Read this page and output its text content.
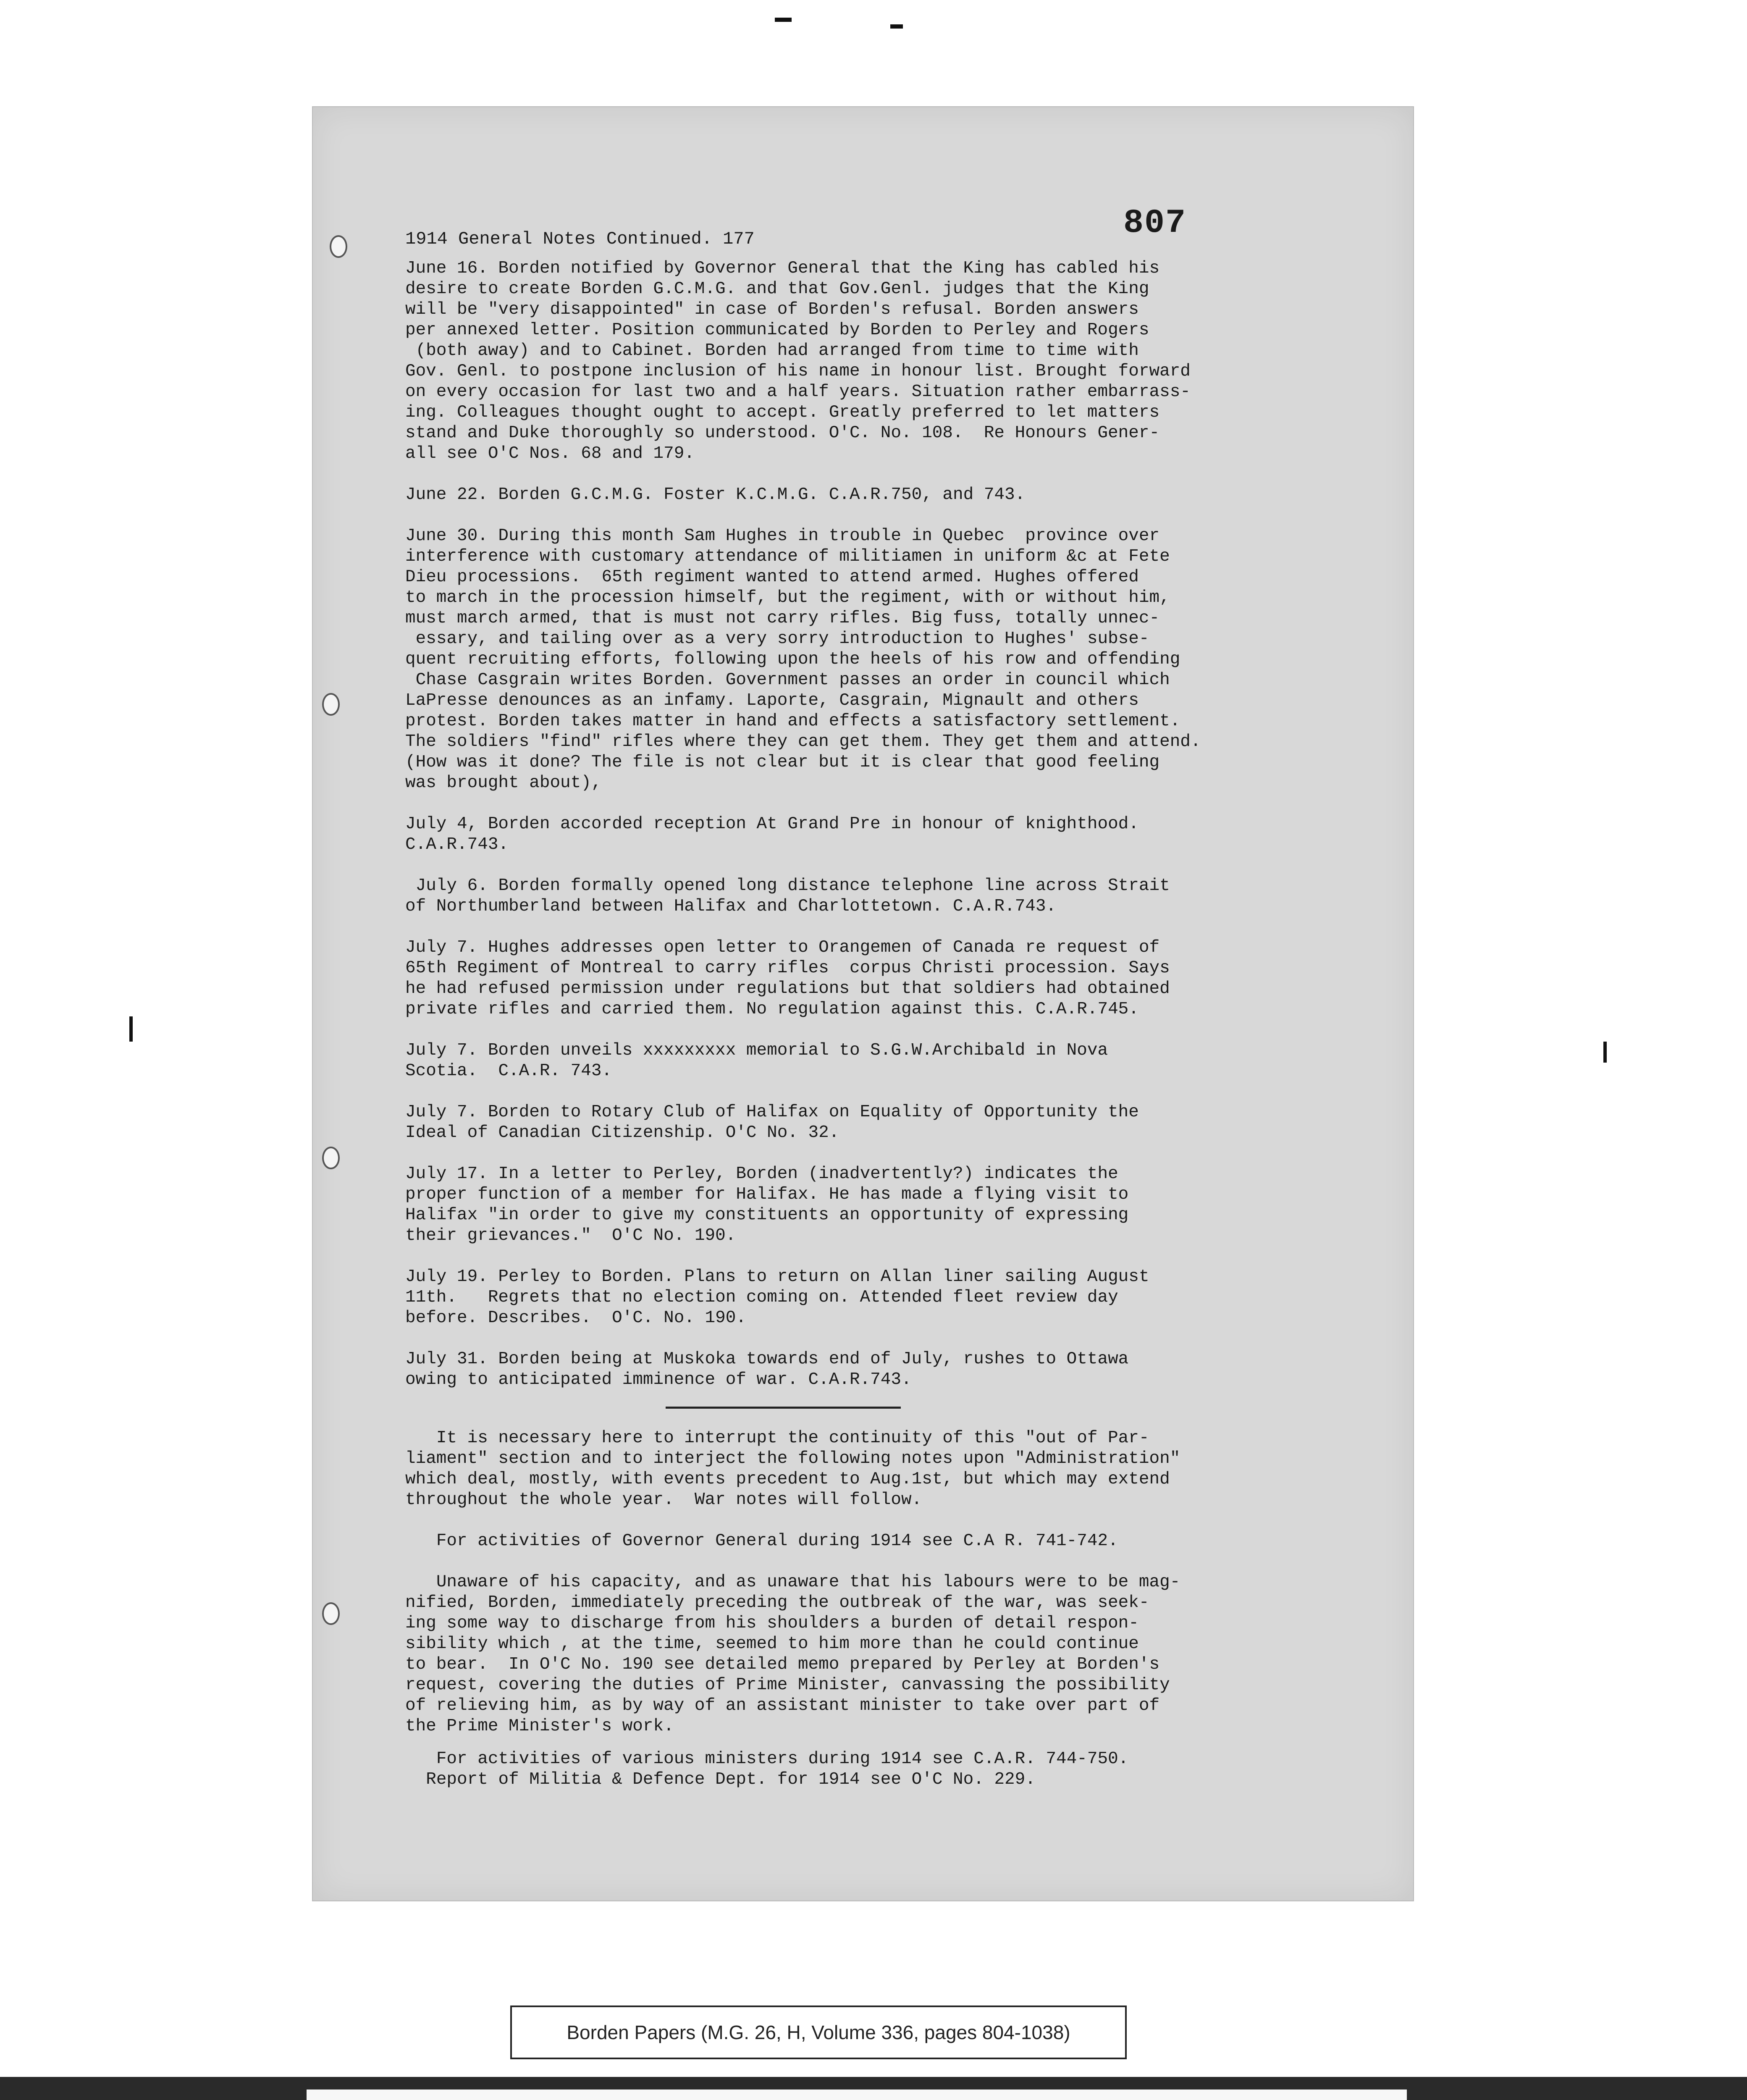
1914 General Notes Continued. 177	807
June 16. Borden notified by Governor General that the King has cabled his
desire to create Borden G.C.M.G. and that Gov.Genl. judges that the King
will be "very disappointed" in case of Borden's refusal. Borden answers
per annexed letter. Position communicated by Borden to Perley and Rogers
(both away) and to Cabinet. Borden had arranged from time to time with
Gov. Genl. to postpone inclusion of his name in honour list. Brought forward
on every occasion for last two and a half years. Situation rather embarrass-
ing. Colleagues thought ought to accept. Greatly preferred to let matters
stand and Duke thoroughly so understood. O'C. No. 108.  Re Honours Gener-
all see O'C Nos. 68 and 179.
June 22. Borden G.C.M.G. Foster K.C.M.G. C.A.R.750, and 743.
June 30. During this month Sam Hughes in trouble in Quebec  province over
interference with customary attendance of militiamen in uniform &c at Fete
Dieu processions.  65th regiment wanted to attend armed. Hughes offered
to march in the procession himself, but the regiment, with or without him,
must march armed, that is must not carry rifles. Big fuss, totally unnec-
essary, and tailing over as a very sorry introduction to Hughes' subse-
quent recruiting efforts, following upon the heels of his row and offending
Chase Casgrain writes Borden. Government passes an order in council which
LaPresse denounces as an infamy. Laporte, Casgrain, Mignault and others
protest. Borden takes matter in hand and effects a satisfactory settlement.
The soldiers "find" rifles where they can get them. They get them and attend.
(How was it done? The file is not clear but it is clear that good feeling
was brought about),
July 4, Borden accorded reception At Grand Pre in honour of knighthood.
C.A.R.743.
July 6. Borden formally opened long distance telephone line across Strait
of Northumberland between Halifax and Charlottetown. C.A.R.743.
July 7. Hughes addresses open letter to Orangemen of Canada re request of
65th Regiment of Montreal to carry rifles  corpus Christi procession. Says
he had refused permission under regulations but that soldiers had obtained
private rifles and carried them. No regulation against this. C.A.R.745.
July 7. Borden unveils xxxxxxxxx memorial to S.G.W.Archibald in Nova
Scotia.  C.A.R. 743.
July 7. Borden to Rotary Club of Halifax on Equality of Opportunity the
Ideal of Canadian Citizenship. O'C No. 32.
July 17. In a letter to Perley, Borden (inadvertently?) indicates the
proper function of a member for Halifax. He has made a flying visit to
Halifax "in order to give my constituents an opportunity of expressing
their grievances."  O'C No. 190.
July 19. Perley to Borden. Plans to return on Allan liner sailing August
11th.   Regrets that no election coming on. Attended fleet review day
before. Describes.  O'C. No. 190.
July 31. Borden being at Muskoka towards end of July, rushes to Ottawa
owing to anticipated imminence of war. C.A.R.743.
It is necessary here to interrupt the continuity of this "out of Par-
liament" section and to interject the following notes upon "Administration"
which deal, mostly, with events precedent to Aug.1st, but which may extend
throughout the whole year.  War notes will follow.
For activities of Governor General during 1914 see C.A R. 741-742.
Unaware of his capacity, and as unaware that his labours were to be mag-
nified, Borden, immediately preceding the outbreak of the war, was seek-
ing some way to discharge from his shoulders a burden of detail respon-
sibility which , at the time, seemed to him more than he could continue
to bear.  In O'C No. 190 see detailed memo prepared by Perley at Borden's
request, covering the duties of Prime Minister, canvassing the possibility
of relieving him, as by way of an assistant minister to take over part of
the Prime Minister's work.
For activities of various ministers during 1914 see C.A.R. 744-750.
Report of Militia & Defence Dept. for 1914 see O'C No. 229.
Borden Papers (M.G. 26, H, Volume 336, pages 804-1038)
